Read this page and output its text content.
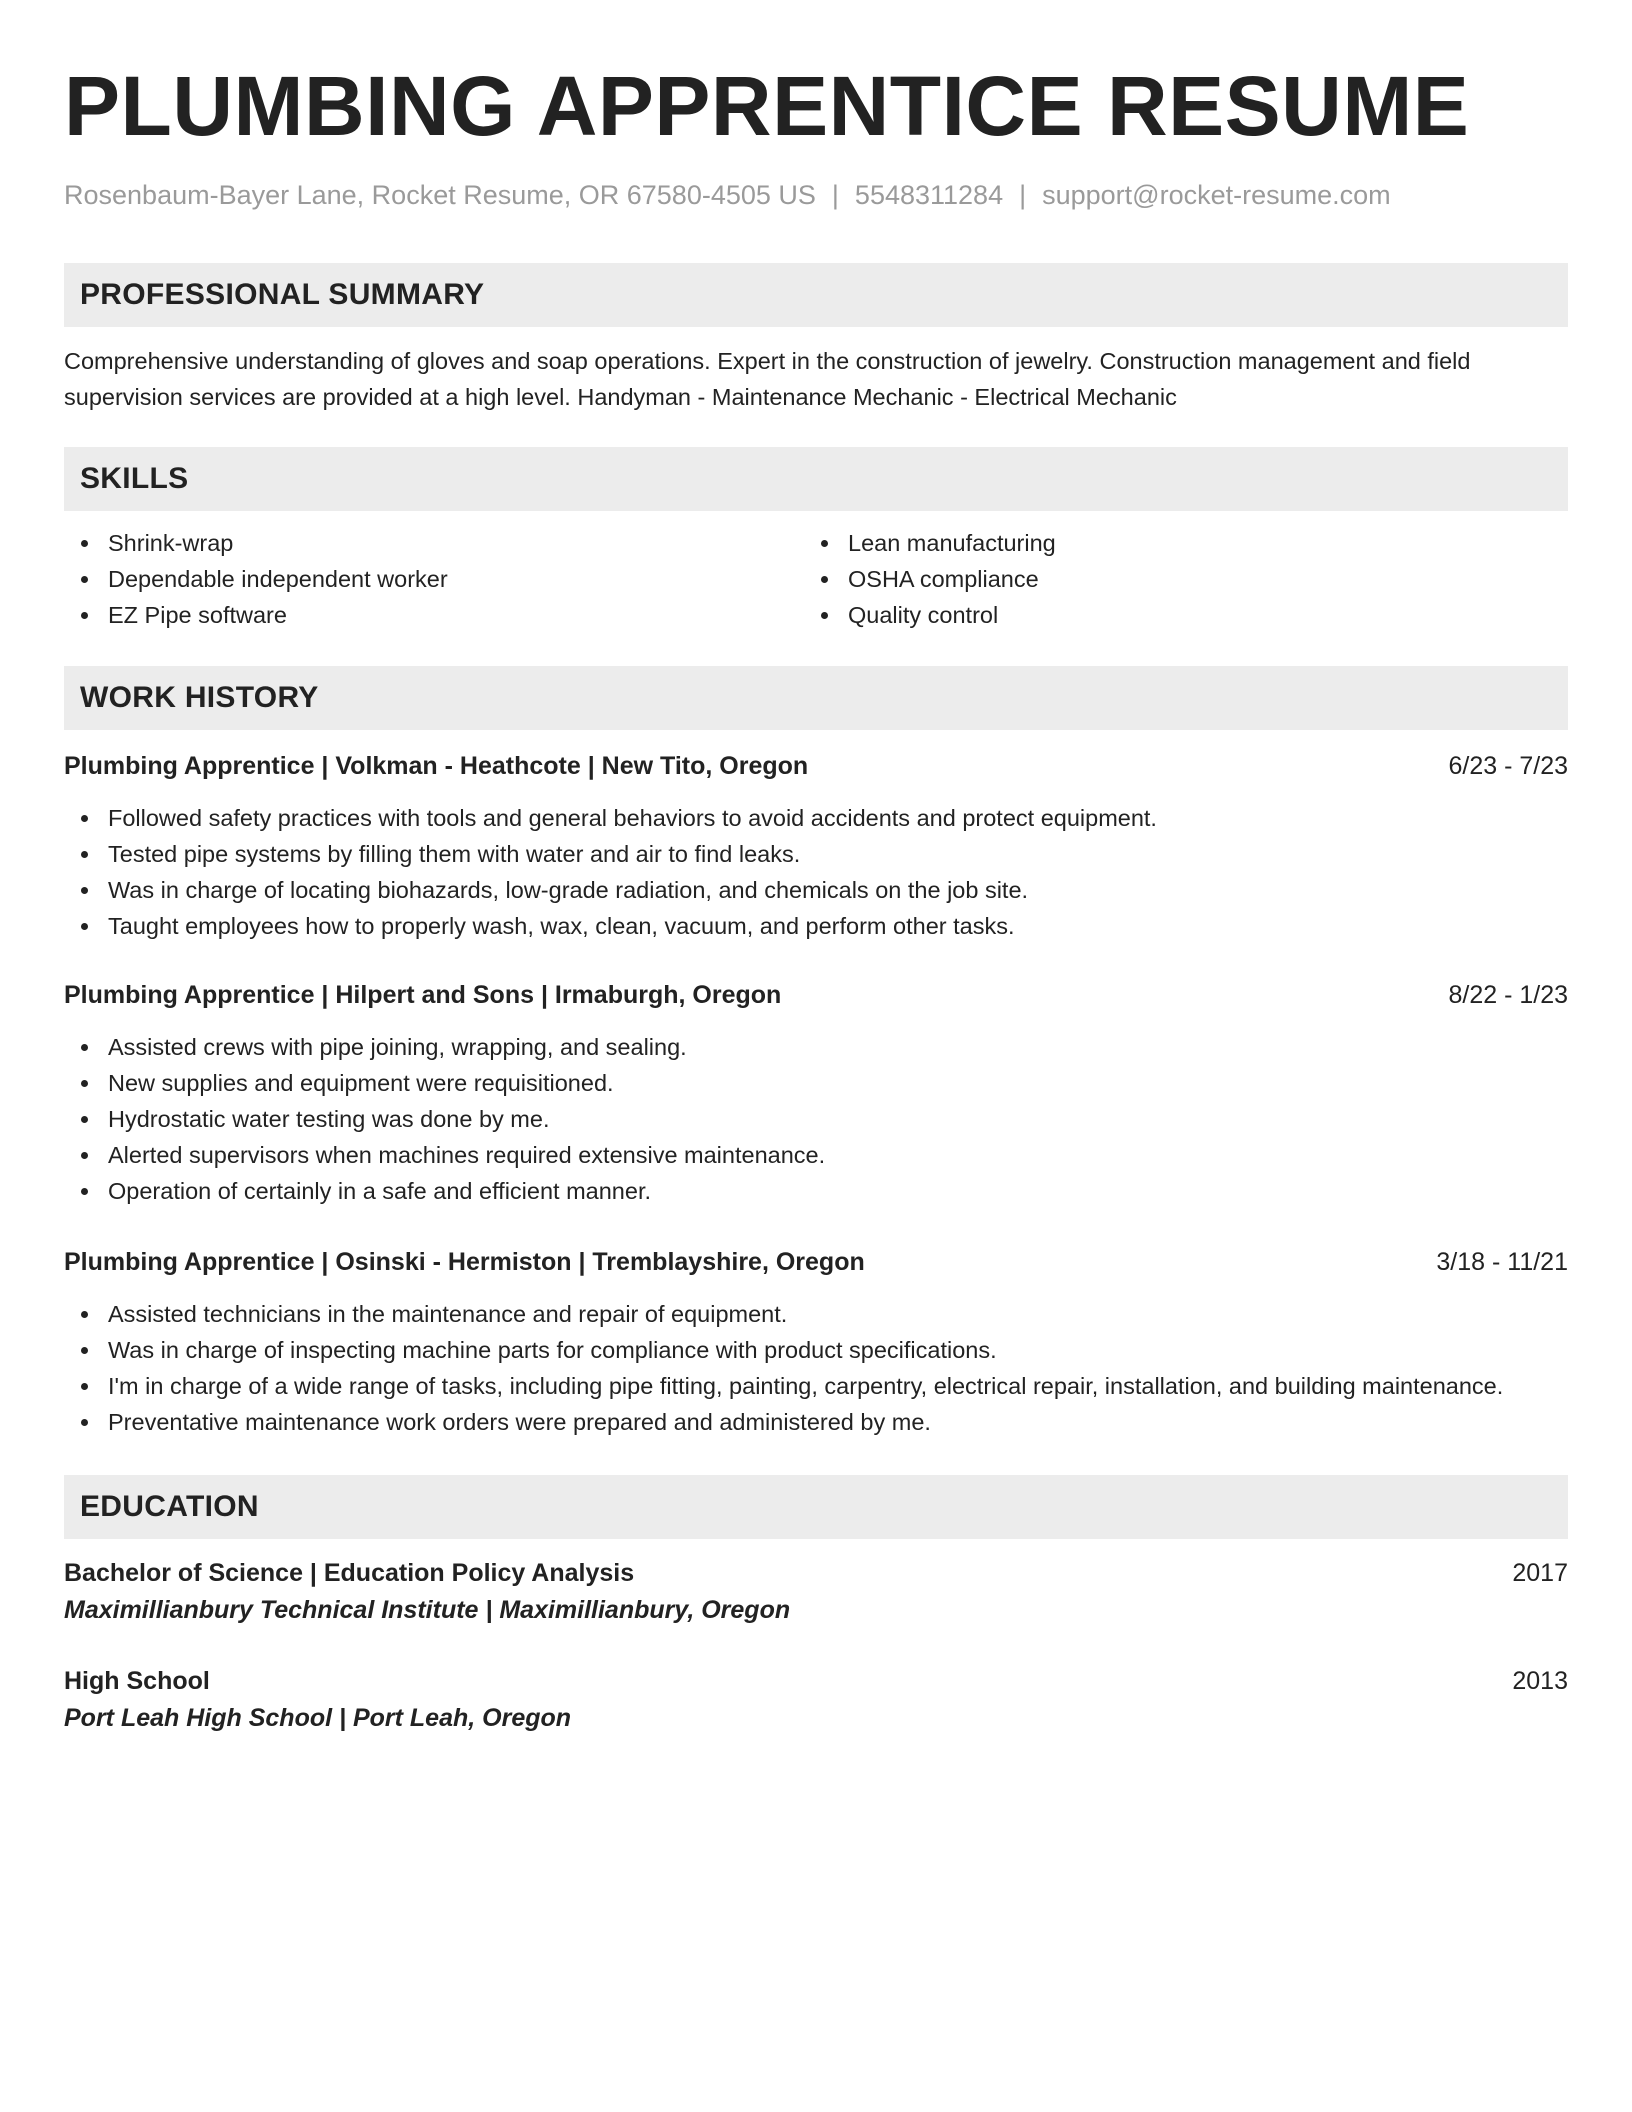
PLUMBING APPRENTICE RESUME
Rosenbaum-Bayer Lane, Rocket Resume, OR 67580-4505 US | 5548311284 | support@rocket-resume.com
PROFESSIONAL SUMMARY
Comprehensive understanding of gloves and soap operations. Expert in the construction of jewelry. Construction management and field supervision services are provided at a high level. Handyman - Maintenance Mechanic - Electrical Mechanic
SKILLS
Shrink-wrap
Dependable independent worker
EZ Pipe software
Lean manufacturing
OSHA compliance
Quality control
WORK HISTORY
Plumbing Apprentice | Volkman - Heathcote | New Tito, Oregon	6/23 - 7/23
Followed safety practices with tools and general behaviors to avoid accidents and protect equipment.
Tested pipe systems by filling them with water and air to find leaks.
Was in charge of locating biohazards, low-grade radiation, and chemicals on the job site.
Taught employees how to properly wash, wax, clean, vacuum, and perform other tasks.
Plumbing Apprentice | Hilpert and Sons | Irmaburgh, Oregon	8/22 - 1/23
Assisted crews with pipe joining, wrapping, and sealing.
New supplies and equipment were requisitioned.
Hydrostatic water testing was done by me.
Alerted supervisors when machines required extensive maintenance.
Operation of certainly in a safe and efficient manner.
Plumbing Apprentice | Osinski - Hermiston | Tremblayshire, Oregon	3/18 - 11/21
Assisted technicians in the maintenance and repair of equipment.
Was in charge of inspecting machine parts for compliance with product specifications.
I'm in charge of a wide range of tasks, including pipe fitting, painting, carpentry, electrical repair, installation, and building maintenance.
Preventative maintenance work orders were prepared and administered by me.
EDUCATION
Bachelor of Science | Education Policy Analysis	2017
Maximillianbury Technical Institute | Maximillianbury, Oregon
High School	2013
Port Leah High School | Port Leah, Oregon
